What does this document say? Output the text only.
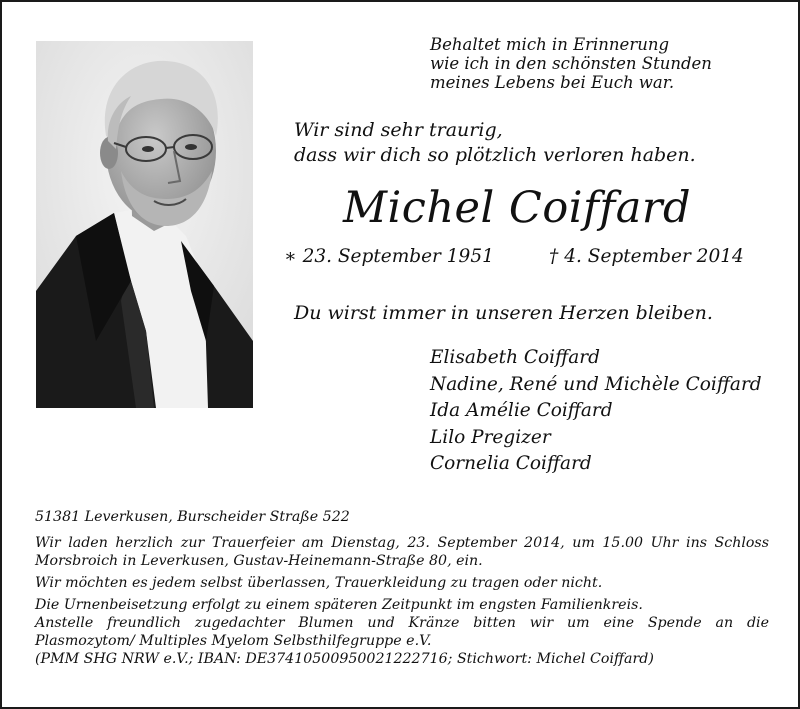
Behaltet mich in Erinnerung
wie ich in den schönsten Stunden
meines Lebens bei Euch war.
Wir sind sehr traurig,
dass wir dich so plötzlich verloren haben.
Michel Coiffard
∗ 23. September 1951	† 4. September 2014
Du wirst immer in unseren Herzen bleiben.
Elisabeth Coiffard
Nadine, René und Michèle Coiffard
Ida Amélie Coiffard
Lilo Pregizer
Cornelia Coiffard

51381 Leverkusen, Burscheider Straße 522

Wir laden herzlich zur Trauerfeier am Dienstag, 23. September 2014, um 15.00 Uhr ins Schloss

Morsbroich in Leverkusen, Gustav-Heinemann-Straße 80, ein.

Wir möchten es jedem selbst überlassen, Trauerkleidung zu tragen oder nicht.

Die Urnenbeisetzung erfolgt zu einem späteren Zeitpunkt im engsten Familienkreis.

Anstelle freundlich zugedachter Blumen und Kränze bitten wir um eine Spende an die

Plasmozytom/ Multiples Myelom Selbsthilfegruppe e.V.

(PMM SHG NRW e.V.; IBAN: DE37410500950021222716; Stichwort: Michel Coiffard)
